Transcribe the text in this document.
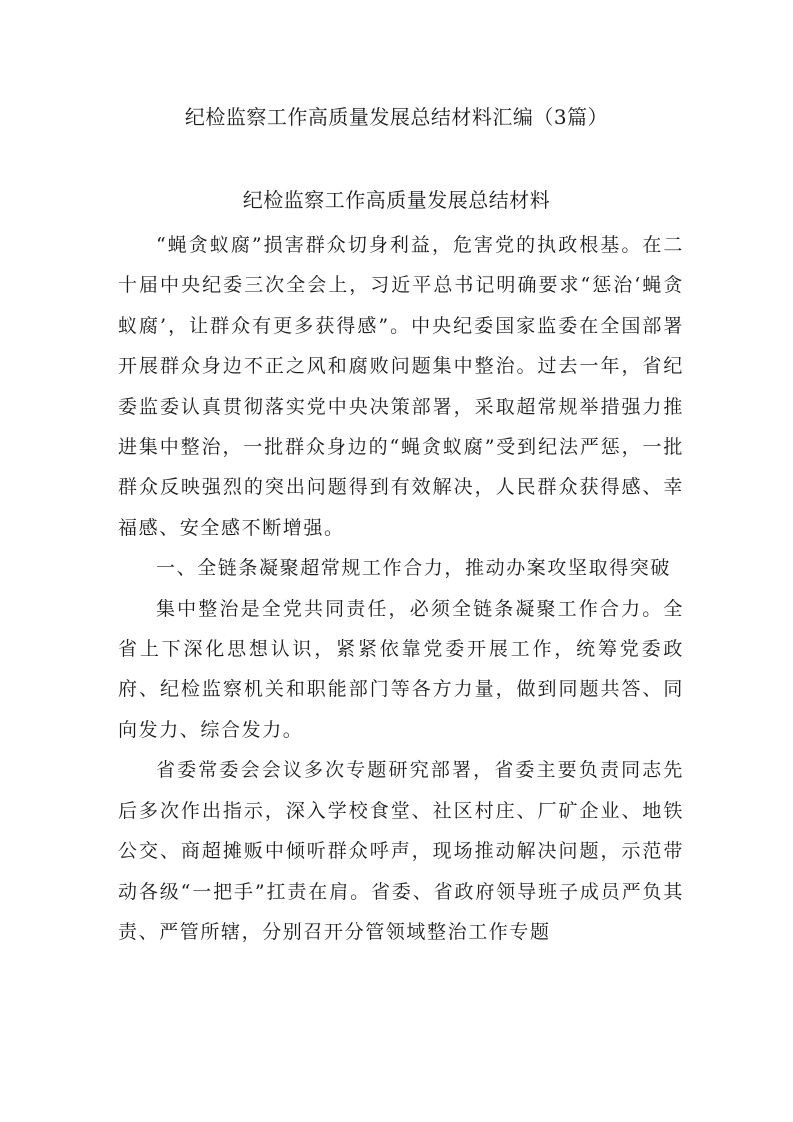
纪检监察工作高质量发展总结材料汇编（3篇）
纪检监察工作高质量发展总结材料

“蝇贪蚁腐”损害群众切身利益，危害党的执政根基。在二十届中央纪委三次全会上，习近平总书记明确要求“惩治‘蝇贪蚁腐’，让群众有更多获得感”。中央纪委国家监委在全国部署开展群众身边不正之风和腐败问题集中整治。过去一年，省纪委监委认真贯彻落实党中央决策部署，采取超常规举措强力推进集中整治，一批群众身边的“蝇贪蚁腐”受到纪法严惩，一批群众反映强烈的突出问题得到有效解决，人民群众获得感、幸福感、安全感不断增强。

一、全链条凝聚超常规工作合力，推动办案攻坚取得突破

集中整治是全党共同责任，必须全链条凝聚工作合力。全省上下深化思想认识，紧紧依靠党委开展工作，统筹党委政府、纪检监察机关和职能部门等各方力量，做到同题共答、同向发力、综合发力。

省委常委会会议多次专题研究部署，省委主要负责同志先后多次作出指示，深入学校食堂、社区村庄、厂矿企业、地铁公交、商超摊贩中倾听群众呼声，现场推动解决问题，示范带动各级“一把手”扛责在肩。省委、省政府领导班子成员严负其责、严管所辖，分别召开分管领域整治工作专题
